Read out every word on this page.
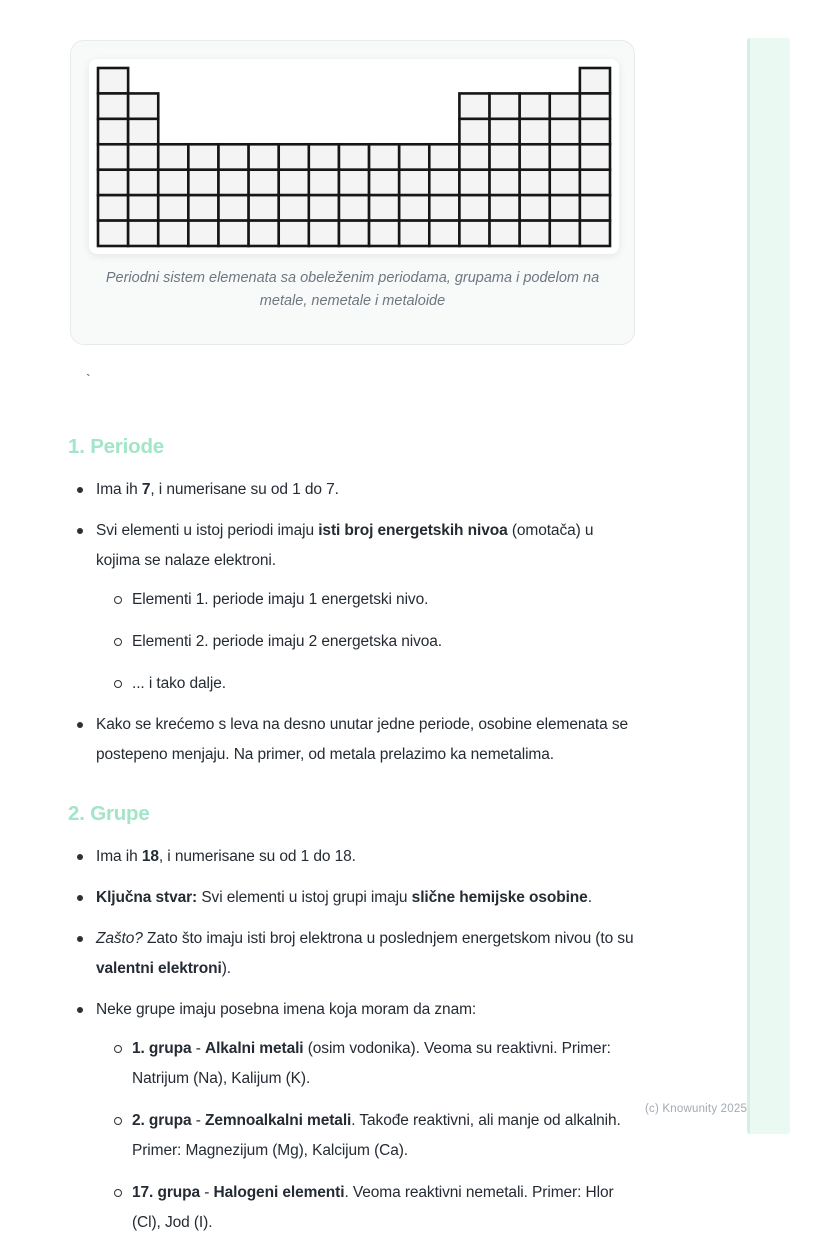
Periodni sistem elemenata sa obeleženim periodama, grupama i podelom na metale, nemetale i metaloide
`
1. Periode
Ima ih 7, i numerisane su od 1 do 7.
Svi elementi u istoj periodi imaju isti broj energetskih nivoa (omotača) u kojima se nalaze elektroni.
Elementi 1. periode imaju 1 energetski nivo.
Elementi 2. periode imaju 2 energetska nivoa.
... i tako dalje.
Kako se krećemo s leva na desno unutar jedne periode, osobine elemenata se postepeno menjaju. Na primer, od metala prelazimo ka nemetalima.
2. Grupe
Ima ih 18, i numerisane su od 1 do 18.
Ključna stvar: Svi elementi u istoj grupi imaju slične hemijske osobine.
Zašto? Zato što imaju isti broj elektrona u poslednjem energetskom nivou (to su valentni elektroni).
Neke grupe imaju posebna imena koja moram da znam:
1. grupa - Alkalni metali (osim vodonika). Veoma su reaktivni. Primer: Natrijum (Na), Kalijum (K).
2. grupa - Zemnoalkalni metali. Takođe reaktivni, ali manje od alkalnih. Primer: Magnezijum (Mg), Kalcijum (Ca).
17. grupa - Halogeni elementi. Veoma reaktivni nemetali. Primer: Hlor (Cl), Jod (I).
(c) Knowunity 2025
